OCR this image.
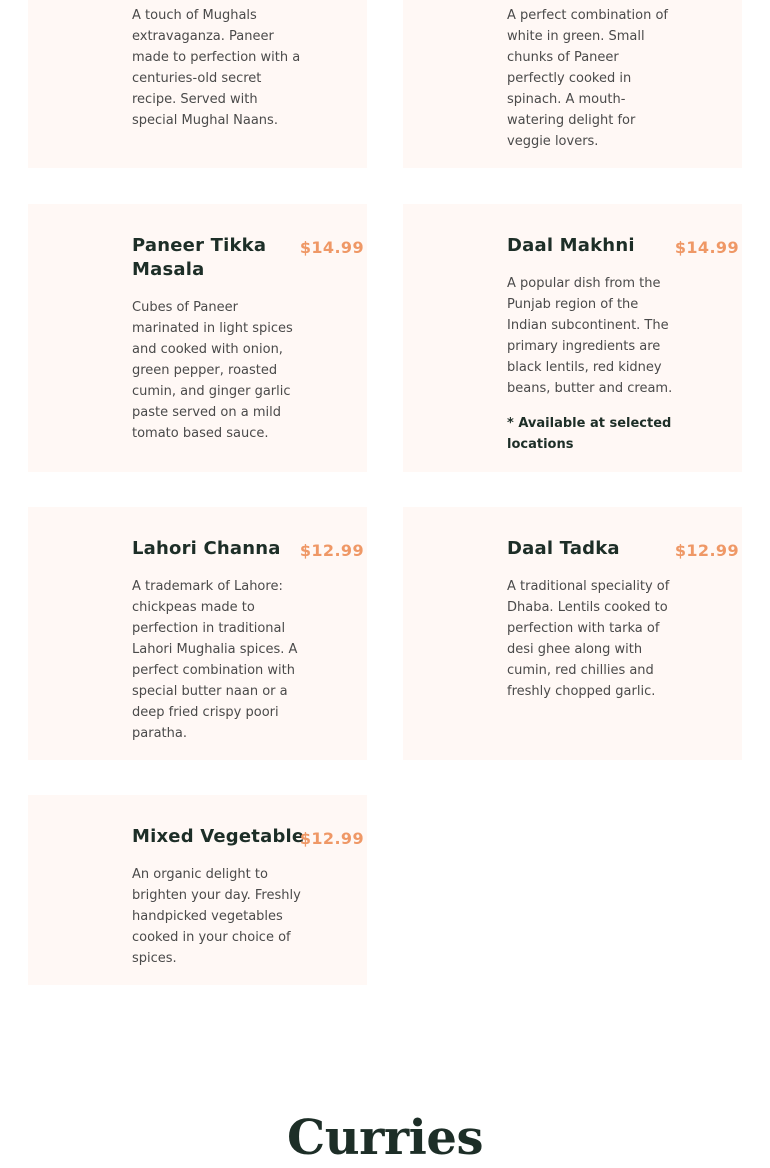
A touch of Mughals extravaganza. Paneer made to perfection with a centuries-old secret recipe. Served with special Mughal Naans.

A perfect combination of white in green. Small chunks of Paneer perfectly cooked in spinach. A mouth-watering delight for veggie lovers.

Paneer Tikka Masala
$14.99

Cubes of Paneer marinated in light spices and cooked with onion, green pepper, roasted cumin, and ginger garlic paste served on a mild tomato based sauce.

Daal Makhni	$14.99

A popular dish from the Punjab region of the Indian subcontinent. The primary ingredients are black lentils, red kidney beans, butter and cream.

* Available at selected locations

Lahori Channa	$12.99

A trademark of Lahore: chickpeas made to perfection in traditional Lahori Mughalia spices. A perfect combination with special butter naan or a deep fried crispy poori paratha.

Daal Tadka	$12.99

A traditional speciality of Dhaba. Lentils cooked to perfection with tarka of desi ghee along with cumin, red chillies and freshly chopped garlic.

Mixed Vegetable
$12.99

An organic delight to brighten your day. Freshly handpicked vegetables cooked in your choice of spices.

Curries
